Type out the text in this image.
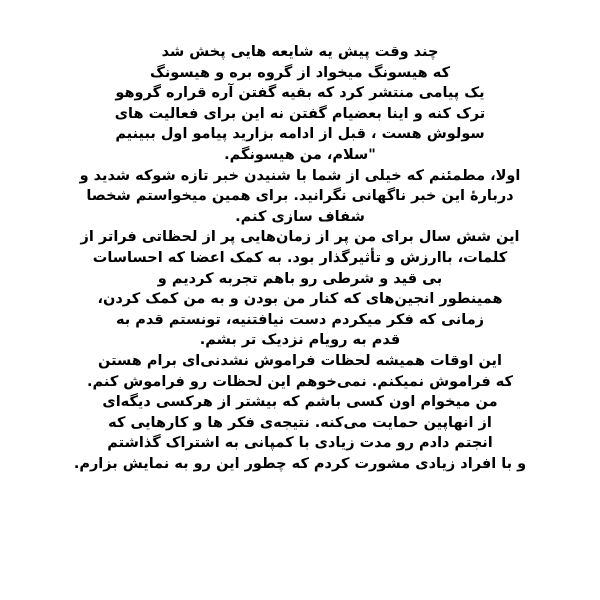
چند وقت پیش یه شایعه هایی پخش شد
که هیسونگ میخواد از گروه بره و هیسونگ
یک پیامی منتشر کرد که بقیه گفتن آره قراره گروهو
ترک کنه و اینا بعضیام گفتن نه این برای فعالیت های
سولوش هست ، قبل از ادامه بزارید پیامو اول ببینیم
"سلام، من هیسونگم.
اولا، مطمئنم که خیلی از شما با شنیدن خبر تازه شوکه شدید و
دربارهٔ این خبر ناگهانی نگرانید. برای همین میخواستم شخصا
شفاف سازی کنم.
این شش سال برای من پر از زمان‌هایی پر از لحظاتی فراتر از
کلمات، باارزش و تأثیرگذار بود. به کمک اعضا که احساسات
بی قید و شرطی رو باهم تجربه کردیم و
همینطور انجین‌های که کنار من بودن و به من کمک کردن،
زمانی که فکر میکردم دست نیافتنیه، تونستم قدم به
قدم به رویام نزدیک تر بشم.
این اوقات همیشه لحظات فراموش نشدنی‌ای برام هستن
که فراموش نمیکنم. نمی‌خوهم این لحظات رو فراموش کنم.
من میخوام اون کسی باشم که بیشتر از هرکسی دیگه‌ای
از انهاپین حمایت می‌کنه. نتیجه‌ی فکر ها و کارهایی که
انجتم دادم رو مدت زیادی با کمپانی به اشتراک گذاشتم
و با افراد زیادی مشورت کردم که چطور این رو به نمایش بزارم.
